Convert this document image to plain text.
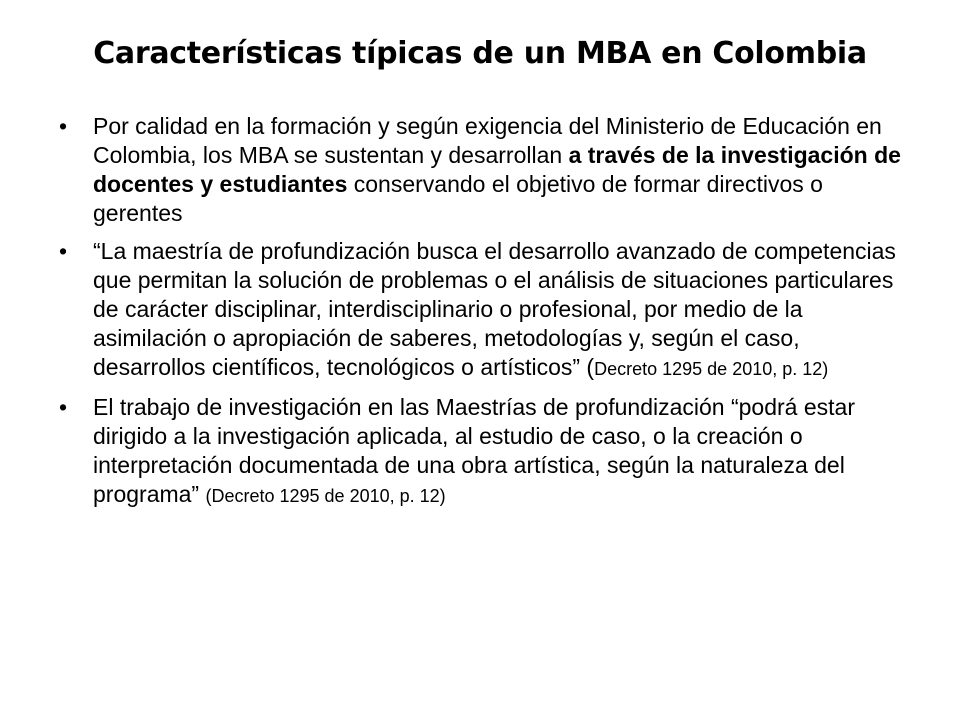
Características típicas de un MBA en Colombia
•	Por calidad en la formación y según exigencia del Ministerio de Educación en Colombia, los MBA se sustentan y desarrollan a través de la investigación de docentes y estudiantes conservando el objetivo de formar directivos o gerentes
•	“La maestría de profundización busca el desarrollo avanzado de competencias que permitan la solución de problemas o el análisis de situaciones particulares de carácter disciplinar, interdisciplinario o profesional, por medio de la asimilación o apropiación de saberes, metodologías y, según el caso, desarrollos científicos, tecnológicos o artísticos” (Decreto 1295 de 2010, p. 12)
•	El trabajo de investigación en las Maestrías de profundización “podrá estar dirigido a la investigación aplicada, al estudio de caso, o la creación o interpretación documentada de una obra artística, según la naturaleza del programa” (Decreto 1295 de 2010, p. 12)
